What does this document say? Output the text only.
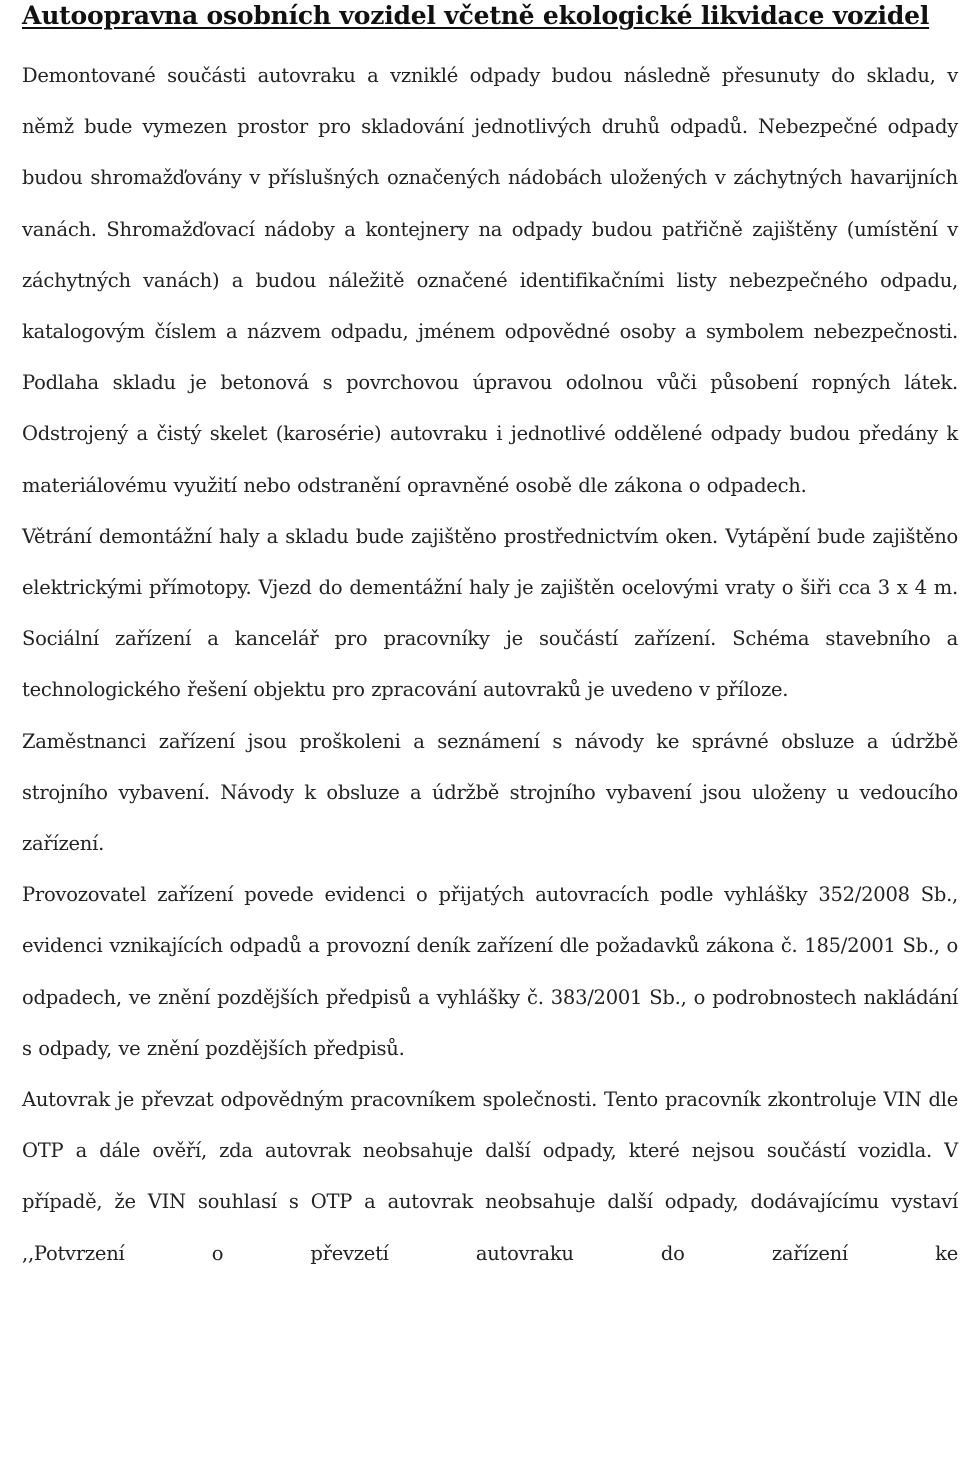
Autoopravna osobních vozidel včetně ekologické likvidace vozidel

Demontované součásti autovraku a vzniklé odpady budou následně přesunuty do skladu, v němž bude vymezen prostor pro skladování jednotlivých druhů odpadů. Nebezpečné odpady budou shromažďovány v příslušných označených nádobách uložených v záchytných havarijních vanách. Shromažďovací nádoby a kontejnery na odpady budou patřičně zajištěny (umístění v záchytných vanách) a budou náležitě označené identifikačními listy nebezpečného odpadu, katalogovým číslem a názvem odpadu, jménem odpovědné osoby a symbolem nebezpečnosti. Podlaha skladu je betonová s povrchovou úpravou odolnou vůči působení ropných látek. Odstrojený a čistý skelet (karosérie) autovraku i jednotlivé oddělené odpady budou předány k materiálovému využití nebo odstranění opravněné osobě dle zákona o odpadech.

Větrání demontážní haly a skladu bude zajištěno prostřednictvím oken. Vytápění bude zajištěno elektrickými přímotopy. Vjezd do dementážní haly je zajištěn ocelovými vraty o šiři cca 3 x 4 m. Sociální zařízení a kancelář pro pracovníky je součástí zařízení. Schéma stavebního a technologického řešení objektu pro zpracování autovraků je uvedeno v příloze.

Zaměstnanci zařízení jsou proškoleni a seznámení s návody ke správné obsluze a údržbě strojního vybavení. Návody k obsluze a údržbě strojního vybavení jsou uloženy u vedoucího zařízení.

Provozovatel zařízení povede evidenci o přijatých autovracích podle vyhlášky 352/2008 Sb., evidenci vznikajících odpadů a provozní deník zařízení dle požadavků zákona č. 185/2001 Sb., o odpadech, ve znění pozdějších předpisů a vyhlášky č. 383/2001 Sb., o podrobnostech nakládání s odpady, ve znění pozdějších předpisů.

Autovrak je převzat odpovědným pracovníkem společnosti. Tento pracovník zkontroluje VIN dle OTP a dále ověří, zda autovrak neobsahuje další odpady, které nejsou součástí vozidla. V případě, že VIN souhlasí s OTP a autovrak neobsahuje další odpady, dodávajícímu vystaví ,,Potvrzení o převzetí autovraku do zařízení ke
